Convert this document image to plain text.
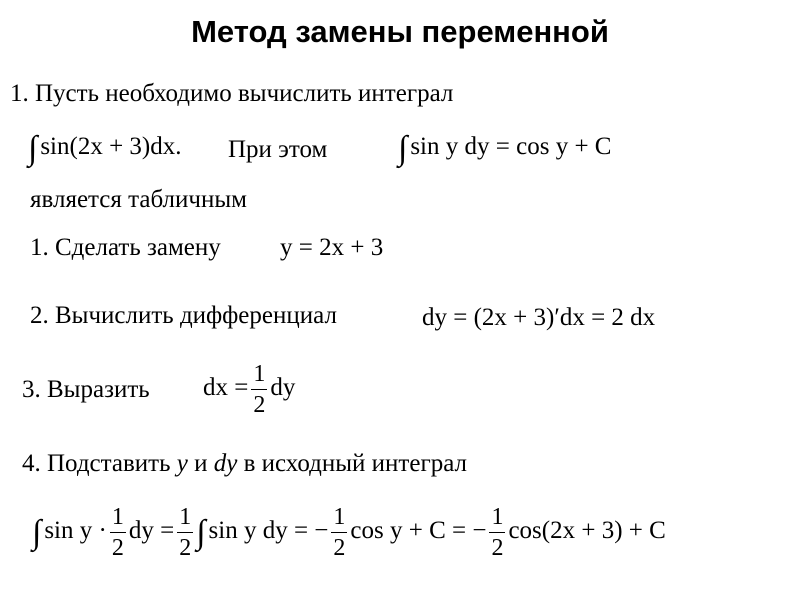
Метод замены переменной
1. Пусть необходимо вычислить интеграл
∫ sin(2x + 3)dx. При этом ∫ sin y dy = cos y + C
является табличным
1. Сделать замену y = 2x + 3
2. Вычислить дифференциал	dy = (2x + 3)′dx = 2 dx
3. Выразить dx = $\frac{1}{2}$ dy
4. Подставить y и dy в исходный интеграл
∫ $\sin y \cdot \frac{1}{2}$ dy = $\frac{1}{2}$ ∫ sin y dy = − $\frac{1}{2}$ cos y + C = − $\frac{1}{2} \cos(2x + 3) + C$
